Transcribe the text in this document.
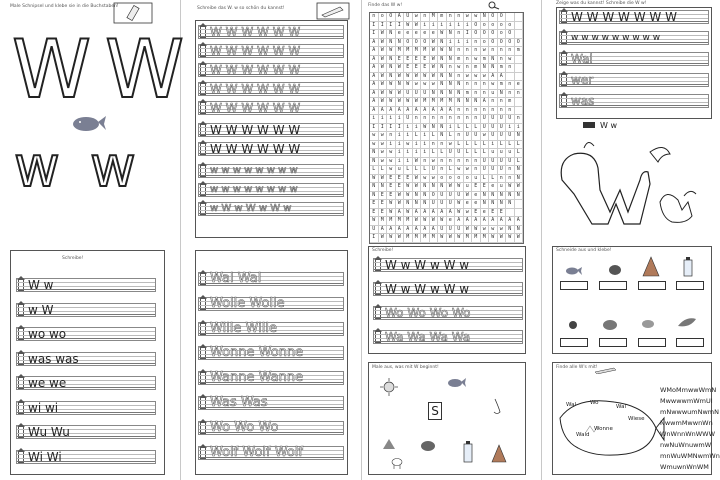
Male Schnipsel und klebe sie in die Buchstaben!
W W
w w
Schreibe!
W w
w W
wo wo
was was
we we
wi wi
Wu Wu
Wi Wi
Schreibe das W. w so schön du kannst!
W W W W W W
W W W W W W
W W W W W W
W W W W W W
W W W W W W
W W W W W W
W W W W W W
w w w w w w w w
w w w w w w w w
w W w W w W w
Wal Wal
Wolle Wolle
Wille Wille
Wonne Wonne
Wanne Wanne
Was Was
Wo Wo Wo
Wolf Wolf Wolf
Finde das W w!
n	o	O	A	U	w	n	M	m	n	n	w	w	N	O	O
I	I	I	I	W	W	i	i	i	i	i	i	O	o	o	o	o
I	W	N	e	e	e	e	e	W	N	n	I	O	O	O	o	O
A	W	N	N	O	O	O	W	N	i	i	i	n	o	O	O	O	O
A	W	W	M	M	M	M	W	W	N	n	n	n	w	n	n	n	m
A	W	N	E	E	E	E	W	N	N	m	n	w	m	N	n	w
A	W	N	W	E	E	E	W	N	n	w	n	m	N	N	m	n
A	W	N	W	W	W	W	W	N	N	n	w	w	w	A	A
A	W	W	N	W	w	w	w	N	N	N	n	n	n	w	m	n	e
A	W	W	W	U	U	U	N	N	N	N	m	n	n	u	N	n	n
A	W	W	W	W	W	M	M	M	M	N	N	N	A	n	n	m
A	A	A	A	A	A	A	A	A	A	n	n	n	n	n	n	n
i	i	i	i	U	n	n	n	n	n	n	n	n	U	U	U	U	n
I	I	I	I	i	i	W	N	N	i	L	L	L	U	U	U	i	i
w	w	n	i	i	L	i	L	N	L	n	U	U	w	U	U	U	N
w	w	i	i	w	i	i	n	n	w	L	L	L	L	i	L	L	L
N	w	w	i	i	i	i	L	L	U	U	L	L	L	u	u	u	L
N	w	w	i	i	W	n	w	n	n	n	n	n	U	U	U	U	L
L	L	w	u	L	L	L	U	n	L	w	w	n	U	U	U	n	N
W	W	E	E	E	W	w	w	o	o	o	o	u	L	L	n	n	N
N	N	E	E	W	W	N	N	N	W	W	u	E	E	e	u	W	W
N	E	E	W	W	N	N	O	U	U	U	W	e	N	N	N	N	N
E	E	W	W	N	N	N	U	U	U	W	e	e	N	N	N	N
E	E	W	A	W	A	A	A	A	A	W	w	E	e	E	E
W	M	M	M	M	W	W	W	W	e	A	A	A	A	A	A	A	A
U	A	A	A	A	A	A	A	U	U	U	W	W	w	w	w	N	N
I	W	W	W	M	M	M	M	W	W	W	M	M	M	W	W	W	W
Schreibe!
Male aus, was mit W beginnt!
S
W w W w W w
W w W w W w
Wo Wo Wo Wo
Wa Wa Wa Wa
Zeige was du kannst! Schreibe die W w!
W w
Schneide aus und klebe!
Finde alle W's mit!
WMoMmwwWmN
MwwwwmWmUI
mNwwwumNwmN
NwwmMwwnWn
WnWnnWnWWW
nwNuWnuwmW
mnWuWMNwmWn
WmuwnWnWM
W W W W W W W
w w w w w w w w w
Wal
wer
was
Wal	Wo
Wal
Wiese
Wonne
Wald
